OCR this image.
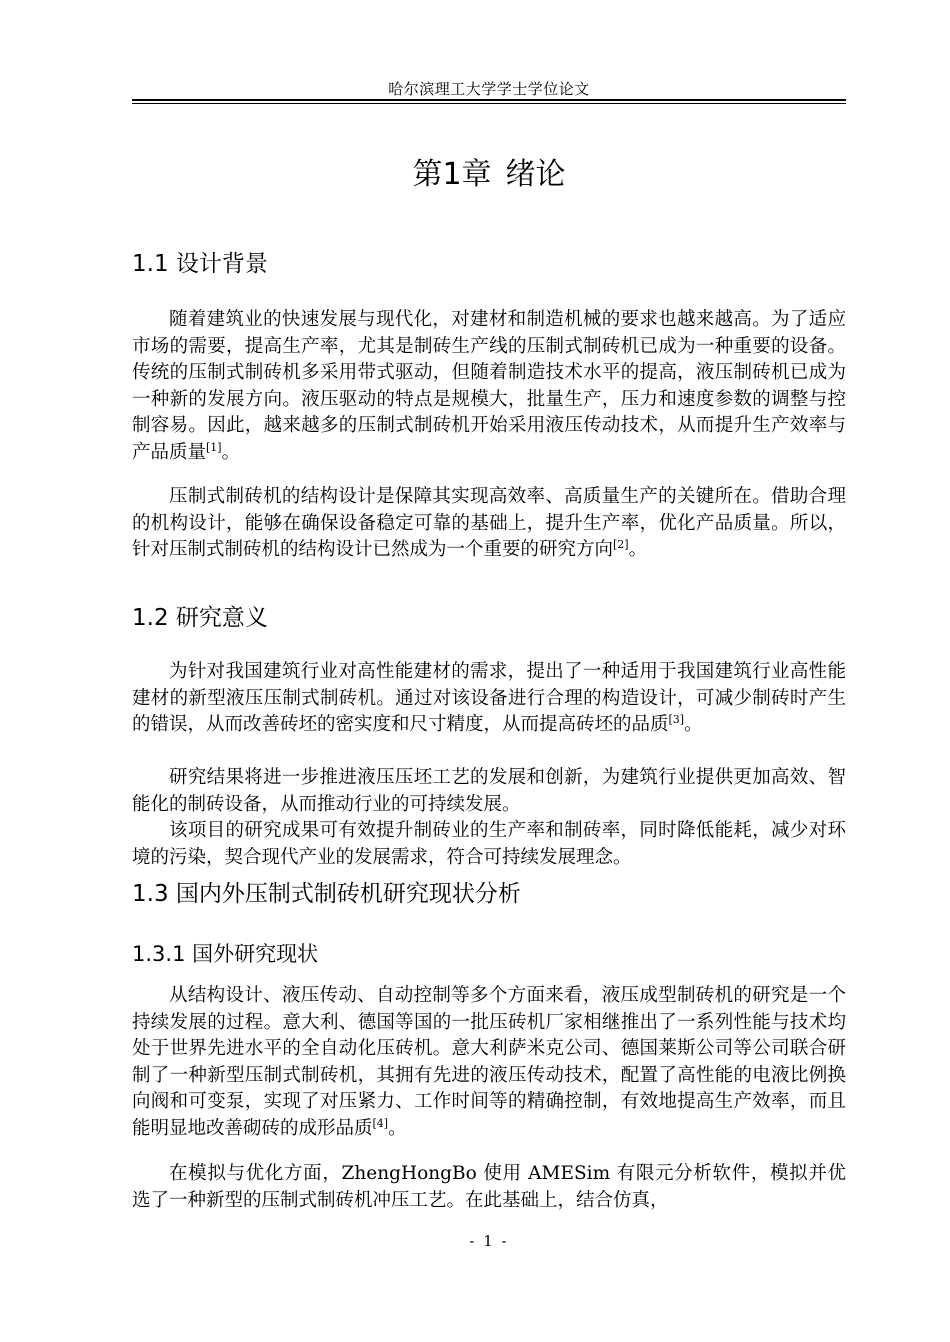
哈尔滨理工大学学士学位论文
第1章 绪论
1.1 设计背景

随着建筑业的快速发展与现代化，对建材和制造机械的要求也越来越高。为了适应市场的需要，提高生产率，尤其是制砖生产线的压制式制砖机已成为一种重要的设备。传统的压制式制砖机多采用带式驱动，但随着制造技术水平的提高，液压制砖机已成为一种新的发展方向。液压驱动的特点是规模大，批量生产，压力和速度参数的调整与控制容易。因此，越来越多的压制式制砖机开始采用液压传动技术，从而提升生产效率与产品质量[1]。

压制式制砖机的结构设计是保障其实现高效率、高质量生产的关键所在。借助合理的机构设计，能够在确保设备稳定可靠的基础上，提升生产率，优化产品质量。所以，针对压制式制砖机的结构设计已然成为一个重要的研究方向[2]。

1.2 研究意义

为针对我国建筑行业对高性能建材的需求，提出了一种适用于我国建筑行业高性能建材的新型液压压制式制砖机。通过对该设备进行合理的构造设计，可减少制砖时产生的错误，从而改善砖坯的密实度和尺寸精度，从而提高砖坯的品质[3]。

研究结果将进一步推进液压压坯工艺的发展和创新，为建筑行业提供更加高效、智能化的制砖设备，从而推动行业的可持续发展。

该项目的研究成果可有效提升制砖业的生产率和制砖率，同时降低能耗，减少对环境的污染，契合现代产业的发展需求，符合可持续发展理念。

1.3 国内外压制式制砖机研究现状分析
1.3.1 国外研究现状

从结构设计、液压传动、自动控制等多个方面来看，液压成型制砖机的研究是一个持续发展的过程。意大利、德国等国的一批压砖机厂家相继推出了一系列性能与技术均处于世界先进水平的全自动化压砖机。意大利萨米克公司、德国莱斯公司等公司联合研制了一种新型压制式制砖机，其拥有先进的液压传动技术，配置了高性能的电液比例换向阀和可变泵，实现了对压紧力、工作时间等的精确控制，有效地提高生产效率，而且能明显地改善砌砖的成形品质[4]。

在模拟与优化方面，ZhengHongBo 使用 AMESim 有限元分析软件，模拟并优选了一种新型的压制式制砖机冲压工艺。在此基础上，结合仿真，

- 1 -
